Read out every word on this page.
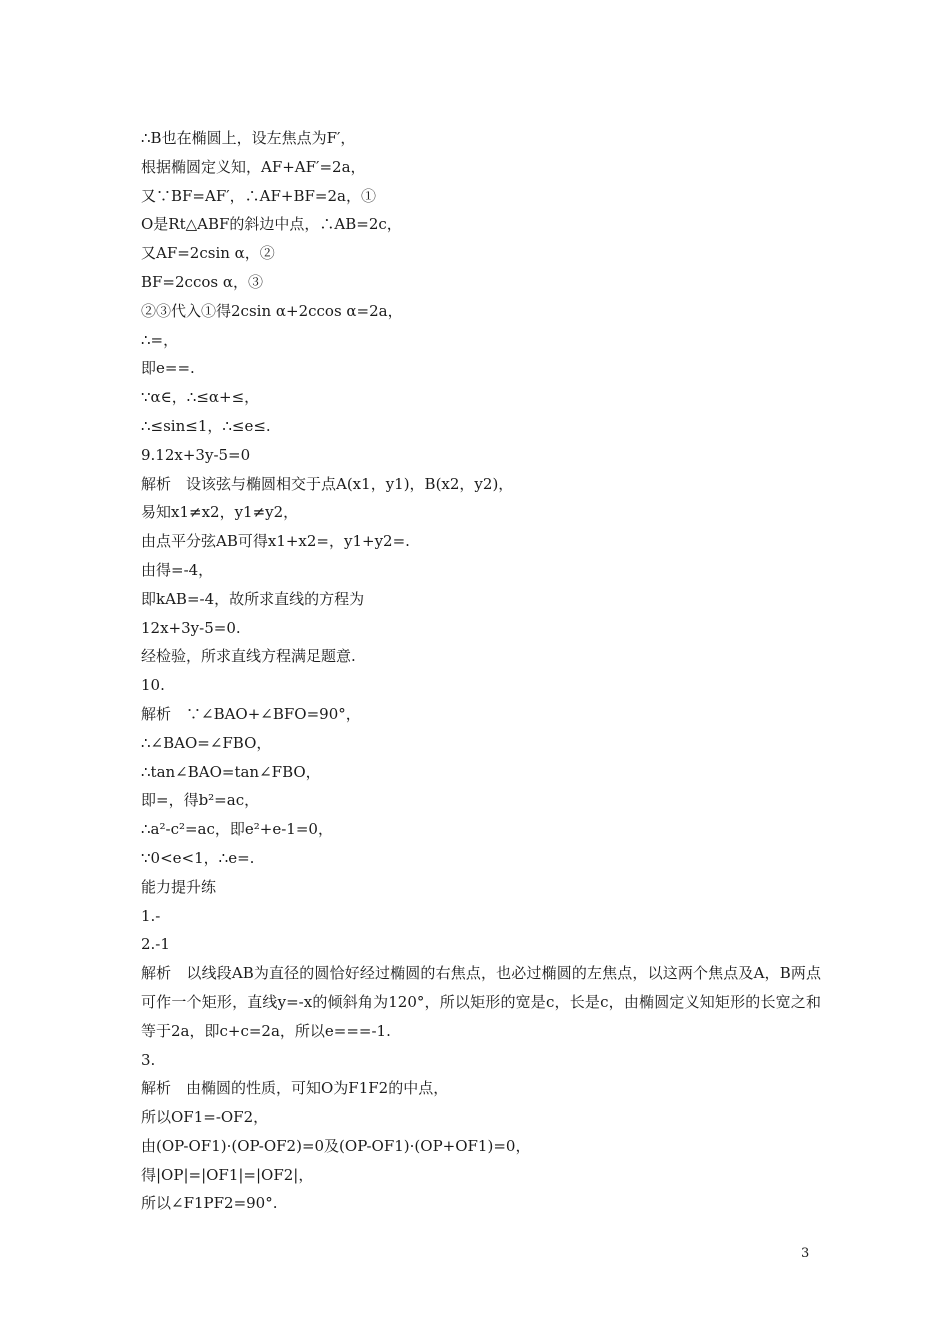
∴B也在椭圆上，设左焦点为F′，
根据椭圆定义知，AF+AF′=2a，
又∵BF=AF′，∴AF+BF=2a，①
O是Rt△ABF的斜边中点，∴AB=2c，
又AF=2csin α，②
BF=2ccos α，③
②③代入①得2csin α+2ccos α=2a，
∴=，
即e==.
∵α∈，∴≤α+≤，
∴≤sin≤1，∴≤e≤.
9.12x+3y-5=0
解析　设该弦与椭圆相交于点A(x1，y1)，B(x2，y2)，
易知x1≠x2，y1≠y2，
由点平分弦AB可得x1+x2=，y1+y2=.
由得=-4，
即kAB=-4，故所求直线的方程为
12x+3y-5=0.
经检验，所求直线方程满足题意.
10.
解析　∵∠BAO+∠BFO=90°，
∴∠BAO=∠FBO，
∴tan∠BAO=tan∠FBO，
即=，得b²=ac，
∴a²-c²=ac，即e²+e-1=0，
∵0<e<1，∴e=.
能力提升练
1.-
2.-1
解析　以线段AB为直径的圆恰好经过椭圆的右焦点，也必过椭圆的左焦点，以这两个焦点及A，B两点可作一个矩形，直线y=-x的倾斜角为120°，所以矩形的宽是c，长是c，由椭圆定义知矩形的长宽之和等于2a，即c+c=2a，所以e===-1.
3.
解析　由椭圆的性质，可知O为F1F2的中点，
所以OF1=-OF2，
由(OP-OF1)·(OP-OF2)=0及(OP-OF1)·(OP+OF1)=0，
得|OP|=|OF1|=|OF2|，
所以∠F1PF2=90°.
3
